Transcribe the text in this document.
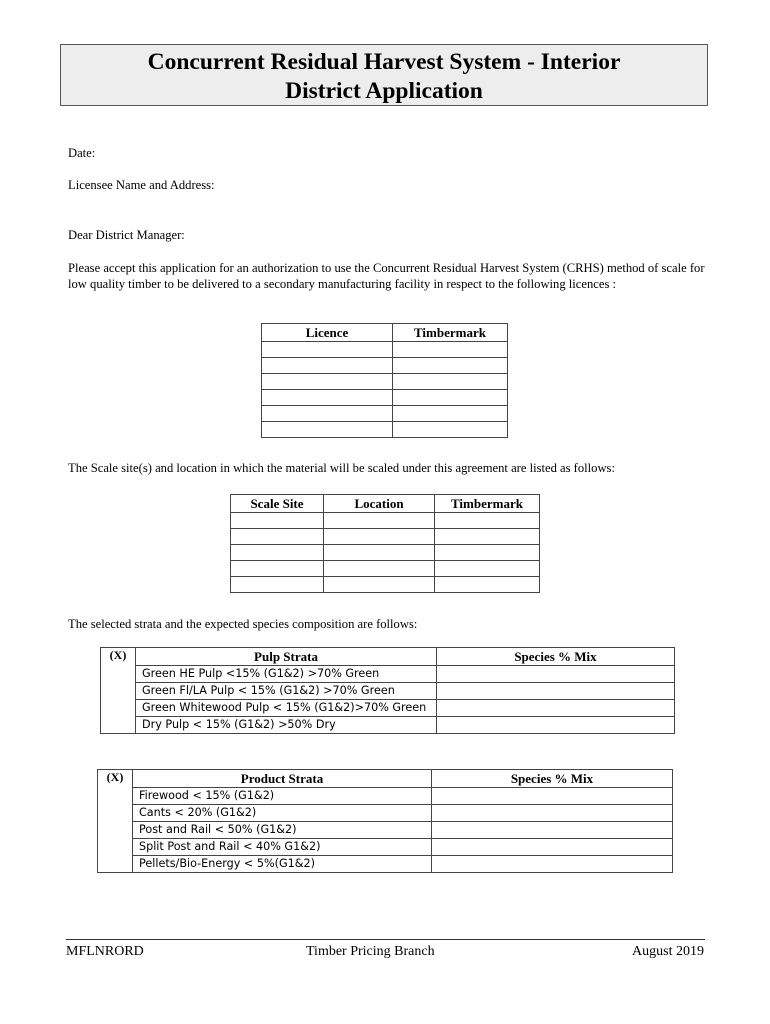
Concurrent Residual Harvest System - Interior
District Application
Date:
Licensee Name and Address:
Dear District Manager:
Please accept this application for an authorization to use the Concurrent Residual Harvest System (CRHS) method of scale for low quality timber to be delivered to a secondary manufacturing facility in respect to the following licences :
Licence	Timbermark

The Scale site(s) and location in which the material will be scaled under this agreement are listed as follows:
Scale Site	Location	Timbermark

The selected strata and the expected species composition are follows:
(X)	Pulp Strata	Species % Mix
	Green HE Pulp <15% (G1&2) >70% Green	
	Green Fl/LA Pulp < 15% (G1&2) >70% Green	
	Green Whitewood Pulp < 15% (G1&2)>70% Green	
	Dry Pulp < 15% (G1&2) >50% Dry	
(X)	Product Strata	Species % Mix
	Firewood < 15% (G1&2)	
	Cants < 20% (G1&2)	
	Post and Rail < 50% (G1&2)	
	Split Post and Rail < 40% G1&2)	
	Pellets/Bio-Energy < 5%(G1&2)	
MFLNRORD	Timber Pricing Branch	August 2019
